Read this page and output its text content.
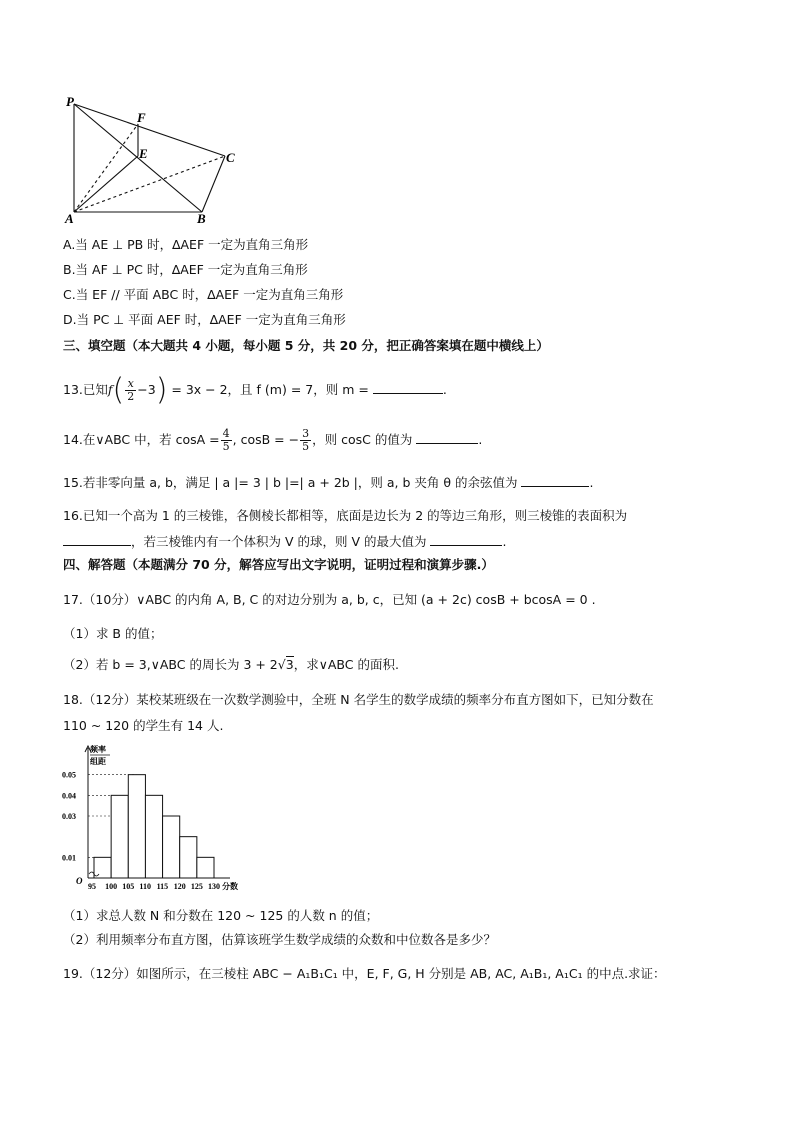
P
F
E	C
A	B
A.当 AE ⊥ PB 时，∆AEF 一定为直角三角形
B.当 AF ⊥ PC 时，∆AEF 一定为直角三角形
C.当 EF // 平面 ABC 时，∆AEF 一定为直角三角形
D.当 PC ⊥ 平面 AEF 时，∆AEF 一定为直角三角形
三、填空题（本大题共 4 小题，每小题 5 分，共 20 分，把正确答案填在题中横线上）
13.已知$f( \frac{x}{2} -3) = 3x - 2$，且 f (m) = 7，则 m =	.
14.在∨ABC 中，若 $\cos A = \frac{4}{5}$ , cosB = − $\frac{3}{5}$ ，则 cosC 的值为	.
15.若非零向量 a, b，满足 | a |= 3 | b |=| a + 2b |，则 a, b 夹角 θ 的余弦值为	.
16.已知一个高为 1 的三棱锥，各侧棱长都相等，底面是边长为 2 的等边三角形，则三棱锥的表面积为
，若三棱锥内有一个体积为 V 的球，则 V 的最大值为	.
四、解答题（本题满分 70 分，解答应写出文字说明，证明过程和演算步骤.）
17.（10分）∨ABC 的内角 A, B, C 的对边分别为 a, b, c，已知 (a + 2c) cosB + bcosA = 0 .
（1）求 B 的值；
（2）若 b = 3,∨ABC 的周长为 3 + 2√3，求∨ABC 的面积.
18.（12分）某校某班级在一次数学测验中，全班 N 名学生的数学成绩的频率分布直方图如下，已知分数在
110 ~ 120 的学生有 14 人.
频率
组距
O
0.01
0.03
0.04
0.05
95 100 105 110 115 120 125 130 分数
（1）求总人数 N 和分数在 120 ~ 125 的人数 n 的值；
（2）利用频率分布直方图，估算该班学生数学成绩的众数和中位数各是多少？
19.（12分）如图所示，在三棱柱 ABC − A₁B₁C₁ 中，E, F, G, H 分别是 AB, AC, A₁B₁, A₁C₁ 的中点.求证：
